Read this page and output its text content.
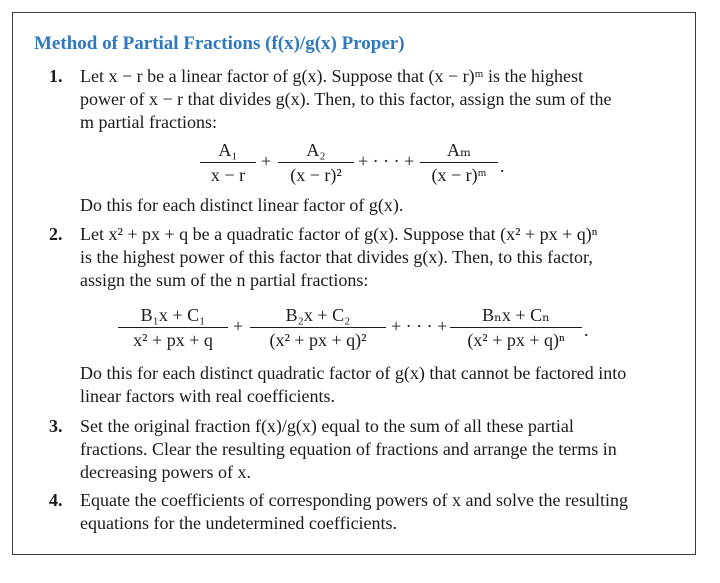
Method of Partial Fractions (f(x)/g(x) Proper)
1. Let x − r be a linear factor of g(x). Suppose that (x − r)ᵐ is the highest
power of x − r that divides g(x). Then, to this factor, assign the sum of the
m partial fractions:
A₁
x − r
+
A₂
(x − r)²
+ · · · +
Aₘ
(x − r)ᵐ .
Do this for each distinct linear factor of g(x).
2. Let x² + px + q be a quadratic factor of g(x). Suppose that (x² + px + q)ⁿ
is the highest power of this factor that divides g(x). Then, to this factor,
assign the sum of the n partial fractions:
B₁x + C₁
x² + px + q
+
B₂x + C₂
(x² + px + q)²
+ · · · +
Bₙx + Cₙ
(x² + px + q)ⁿ	.
Do this for each distinct quadratic factor of g(x) that cannot be factored into
linear factors with real coefficients.
3. Set the original fraction f(x)/g(x) equal to the sum of all these partial
fractions. Clear the resulting equation of fractions and arrange the terms in
decreasing powers of x.
4. Equate the coefficients of corresponding powers of x and solve the resulting
equations for the undetermined coefficients.
